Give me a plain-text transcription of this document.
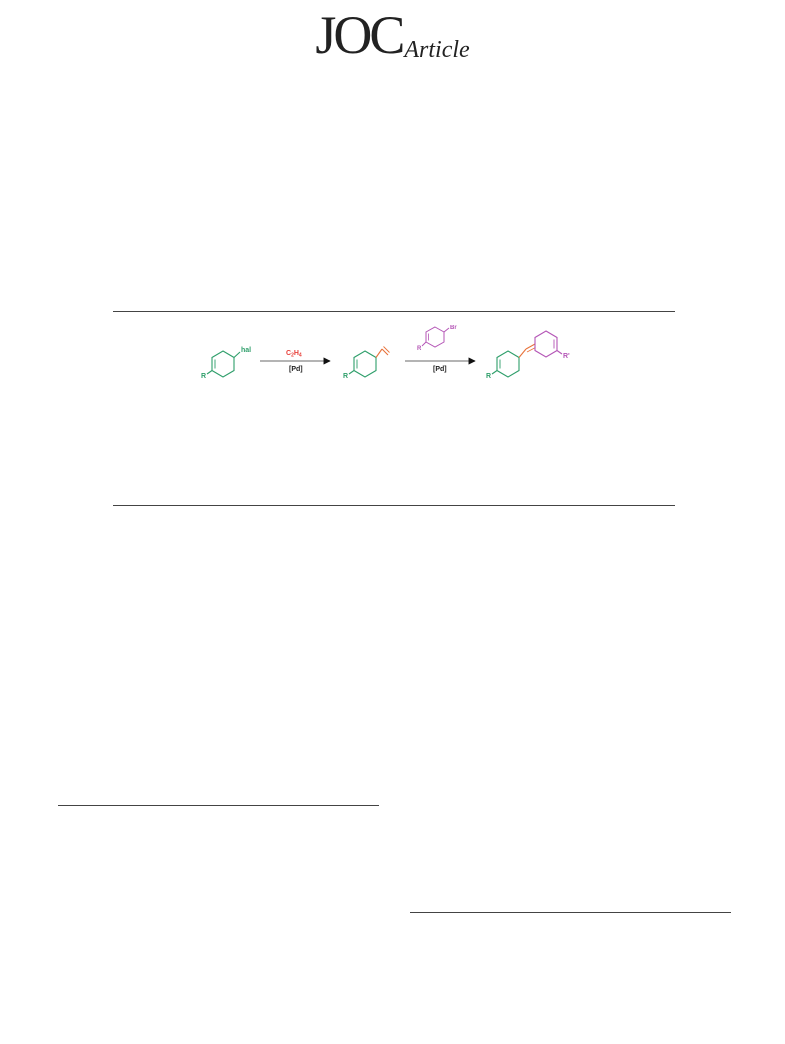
JOCArticle
hal
R
$C_2H_4$
[Pd]
R
Br
R
[Pd]
R
R'
